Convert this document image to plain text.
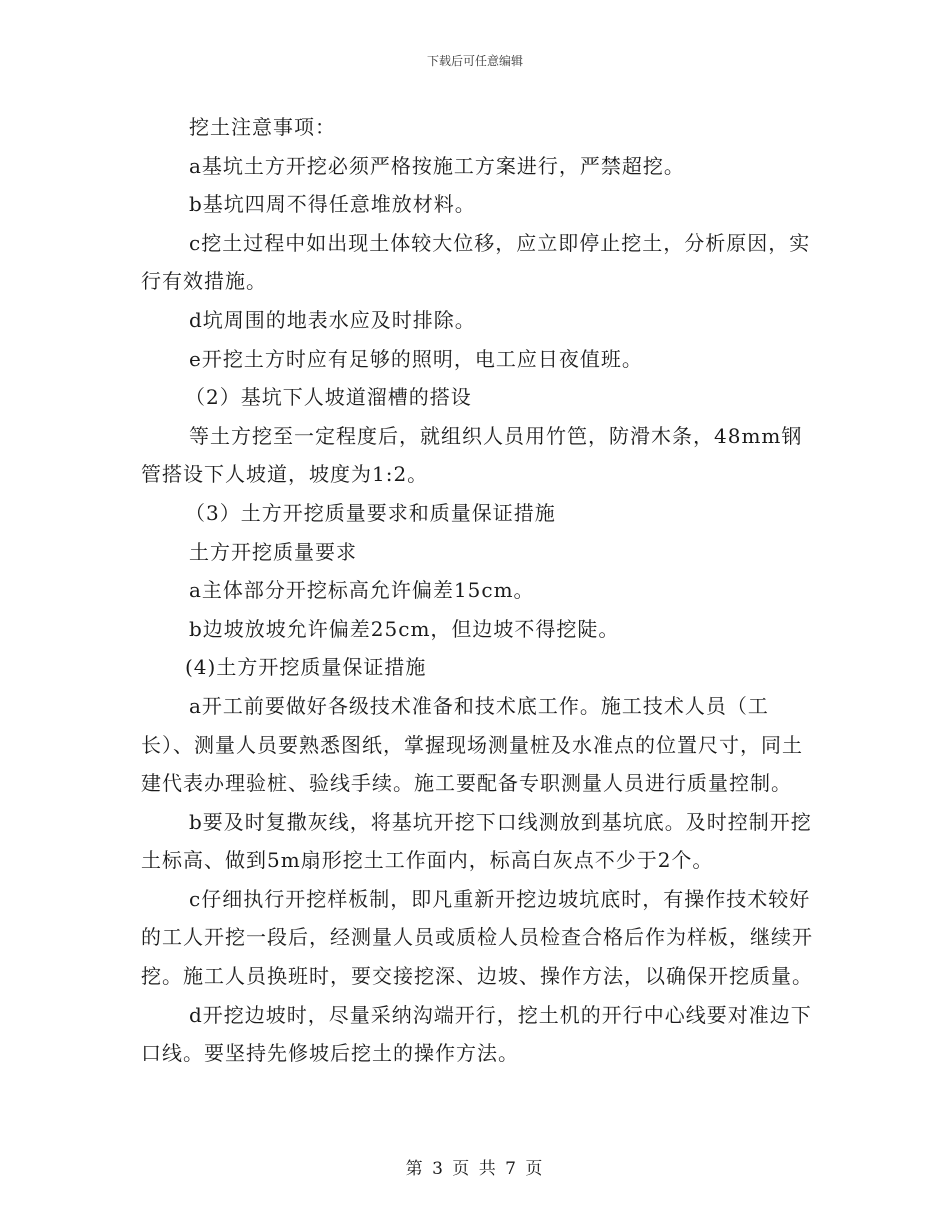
下载后可任意编辑

挖土注意事项：

a基坑土方开挖必须严格按施工方案进行，严禁超挖。

b基坑四周不得任意堆放材料。

c挖土过程中如出现土体较大位移，应立即停止挖土，分析原因，实行有效措施。

d坑周围的地表水应及时排除。

e开挖土方时应有足够的照明，电工应日夜值班。

（2）基坑下人坡道溜槽的搭设

等土方挖至一定程度后，就组织人员用竹笆，防滑木条，48mm钢管搭设下人坡道，坡度为1:2。

（3）土方开挖质量要求和质量保证措施

土方开挖质量要求

a主体部分开挖标高允许偏差15cm。

b边坡放坡允许偏差25cm，但边坡不得挖陡。

(4)土方开挖质量保证措施

a开工前要做好各级技术准备和技术底工作。施工技术人员（工长）、测量人员要熟悉图纸，掌握现场测量桩及水准点的位置尺寸，同土建代表办理验桩、验线手续。施工要配备专职测量人员进行质量控制。

b要及时复撒灰线，将基坑开挖下口线测放到基坑底。及时控制开挖土标高、做到5m扇形挖土工作面内，标高白灰点不少于2个。

c仔细执行开挖样板制，即凡重新开挖边坡坑底时，有操作技术较好的工人开挖一段后，经测量人员或质检人员检查合格后作为样板，继续开挖。施工人员换班时，要交接挖深、边坡、操作方法，以确保开挖质量。

d开挖边坡时，尽量采纳沟端开行，挖土机的开行中心线要对准边下口线。要坚持先修坡后挖土的操作方法。

第 3 页 共 7 页
